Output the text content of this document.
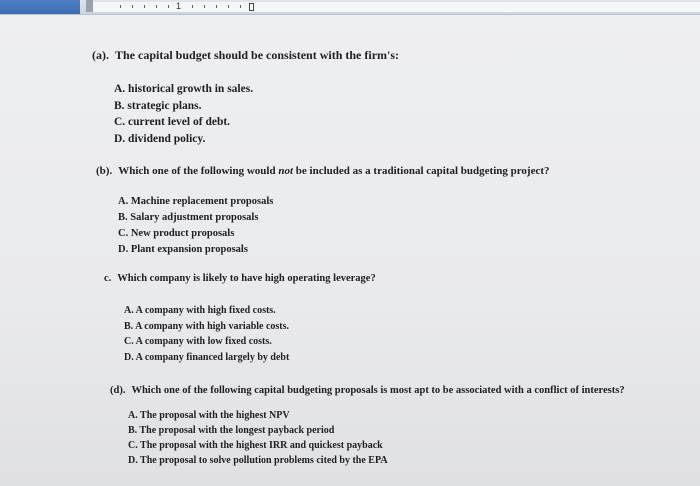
1
(a). The capital budget should be consistent with the firm's:
A. historical growth in sales.
B. strategic plans.
C. current level of debt.
D. dividend policy.
(b). Which one of the following would not be included as a traditional capital budgeting project?
A. Machine replacement proposals
B. Salary adjustment proposals
C. New product proposals
D. Plant expansion proposals
c. Which company is likely to have high operating leverage?
A. A company with high fixed costs.
B. A company with high variable costs.
C. A company with low fixed costs.
D. A company financed largely by debt
(d). Which one of the following capital budgeting proposals is most apt to be associated with a conflict of interests?
A. The proposal with the highest NPV
B. The proposal with the longest payback period
C. The proposal with the highest IRR and quickest payback
D. The proposal to solve pollution problems cited by the EPA
